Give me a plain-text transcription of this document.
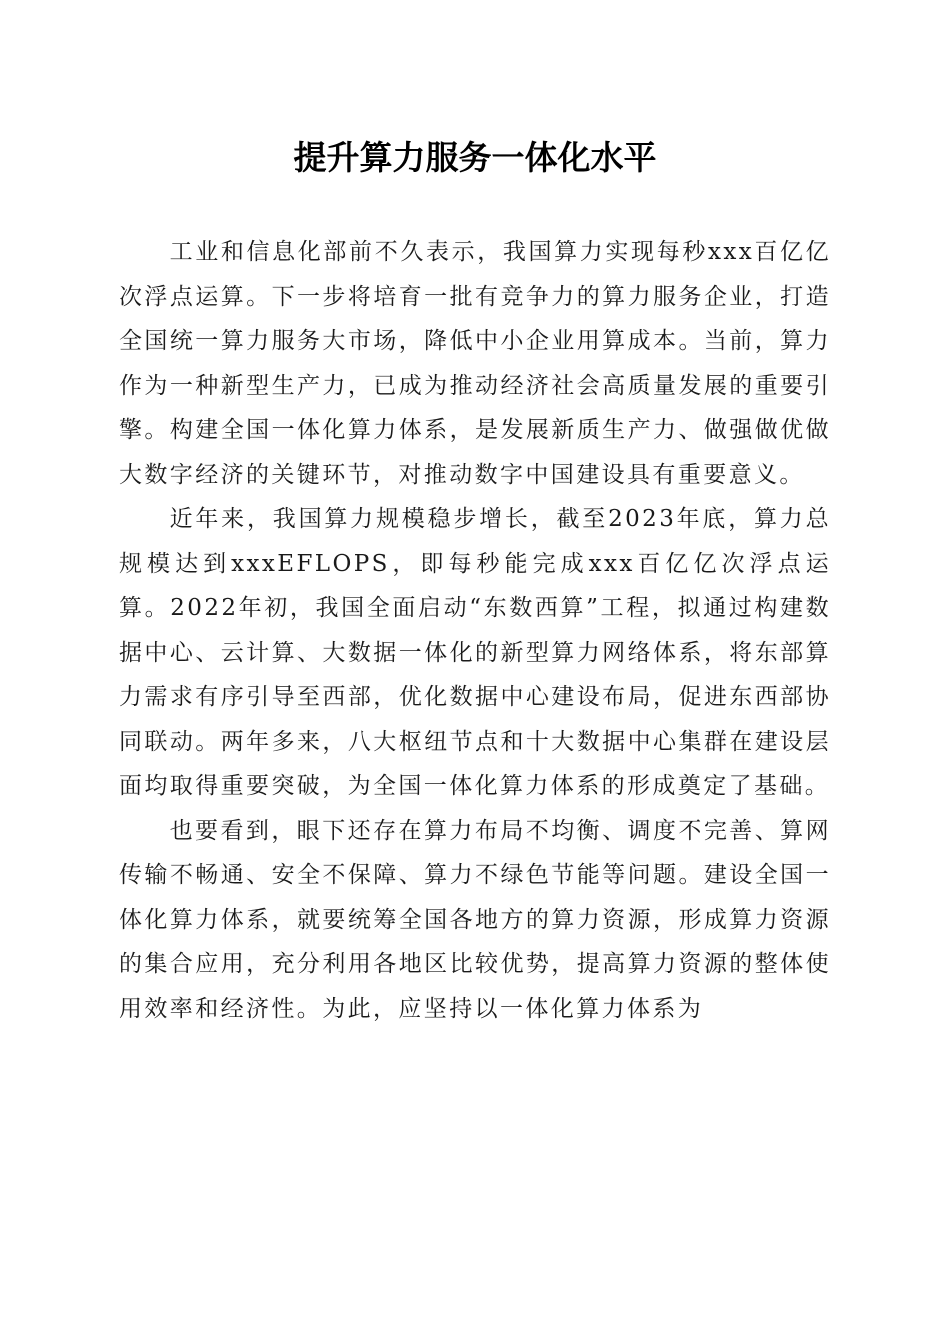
提升算力服务一体化水平

工业和信息化部前不久表示，我国算力实现每秒xxx百亿亿次浮点运算。下一步将培育一批有竞争力的算力服务企业，打造全国统一算力服务大市场，降低中小企业用算成本。当前，算力作为一种新型生产力，已成为推动经济社会高质量发展的重要引擎。构建全国一体化算力体系，是发展新质生产力、做强做优做大数字经济的关键环节，对推动数字中国建设具有重要意义。

近年来，我国算力规模稳步增长，截至2023年底，算力总规模达到xxxEFLOPS，即每秒能完成xxx百亿亿次浮点运算。2022年初，我国全面启动“东数西算”工程，拟通过构建数据中心、云计算、大数据一体化的新型算力网络体系，将东部算力需求有序引导至西部，优化数据中心建设布局，促进东西部协同联动。两年多来，八大枢纽节点和十大数据中心集群在建设层面均取得重要突破，为全国一体化算力体系的形成奠定了基础。

也要看到，眼下还存在算力布局不均衡、调度不完善、算网传输不畅通、安全不保障、算力不绿色节能等问题。建设全国一体化算力体系，就要统筹全国各地方的算力资源，形成算力资源的集合应用，充分利用各地区比较优势，提高算力资源的整体使用效率和经济性。为此，应坚持以一体化算力体系为
